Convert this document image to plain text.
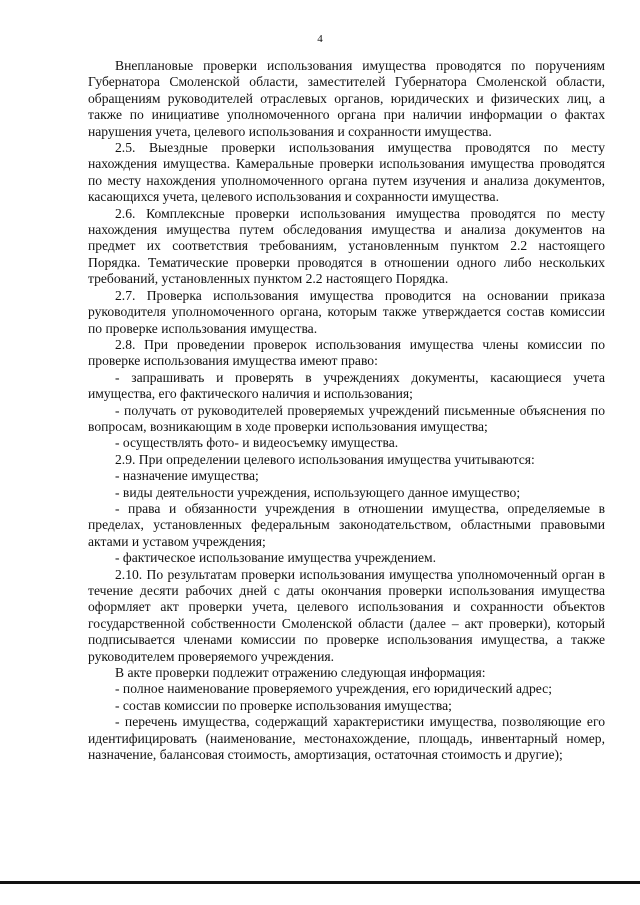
4

Внеплановые проверки использования имущества проводятся по поручениям Губернатора Смоленской области, заместителей Губернатора Смоленской области, обращениям руководителей отраслевых органов, юридических и физических лиц, а также по инициативе уполномоченного органа при наличии информации о фактах нарушения учета, целевого использования и сохранности имущества.

2.5. Выездные проверки использования имущества проводятся по месту нахождения имущества. Камеральные проверки использования имущества проводятся по месту нахождения уполномоченного органа путем изучения и анализа документов, касающихся учета, целевого использования и сохранности имущества.

2.6. Комплексные проверки использования имущества проводятся по месту нахождения имущества путем обследования имущества и анализа документов на предмет их соответствия требованиям, установленным пунктом 2.2 настоящего Порядка. Тематические проверки проводятся в отношении одного либо нескольких требований, установленных пунктом 2.2 настоящего Порядка.

2.7. Проверка использования имущества проводится на основании приказа руководителя уполномоченного органа, которым также утверждается состав комиссии по проверке использования имущества.

2.8. При проведении проверок использования имущества члены комиссии по проверке использования имущества имеют право:

- запрашивать и проверять в учреждениях документы, касающиеся учета имущества, его фактического наличия и использования;

- получать от руководителей проверяемых учреждений письменные объяснения по вопросам, возникающим в ходе проверки использования имущества;

- осуществлять фото- и видеосъемку имущества.

2.9. При определении целевого использования имущества учитываются:

- назначение имущества;

- виды деятельности учреждения, использующего данное имущество;

- права и обязанности учреждения в отношении имущества, определяемые в пределах, установленных федеральным законодательством, областными правовыми актами и уставом учреждения;

- фактическое использование имущества учреждением.

2.10. По результатам проверки использования имущества уполномоченный орган в течение десяти рабочих дней с даты окончания проверки использования имущества оформляет акт проверки учета, целевого использования и сохранности объектов государственной собственности Смоленской области (далее – акт проверки), который подписывается членами комиссии по проверке использования имущества, а также руководителем проверяемого учреждения.

В акте проверки подлежит отражению следующая информация:

- полное наименование проверяемого учреждения, его юридический адрес;

- состав комиссии по проверке использования имущества;

- перечень имущества, содержащий характеристики имущества, позволяющие его идентифицировать (наименование, местонахождение, площадь, инвентарный номер, назначение, балансовая стоимость, амортизация, остаточная стоимость и другие);
